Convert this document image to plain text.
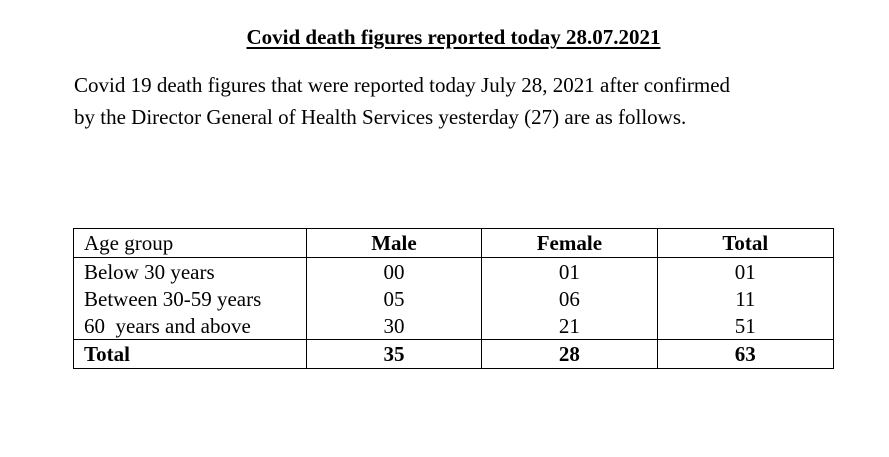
Covid death figures reported today 28.07.2021

Covid 19 death figures that were reported today July 28, 2021 after confirmed
by the Director General of Health Services yesterday (27) are as follows.

Age group	Male	Female	Total
Below 30 years	00	01	01
Between 30-59 years	05	06	11
60  years and above	30	21	51
Total	35	28	63
